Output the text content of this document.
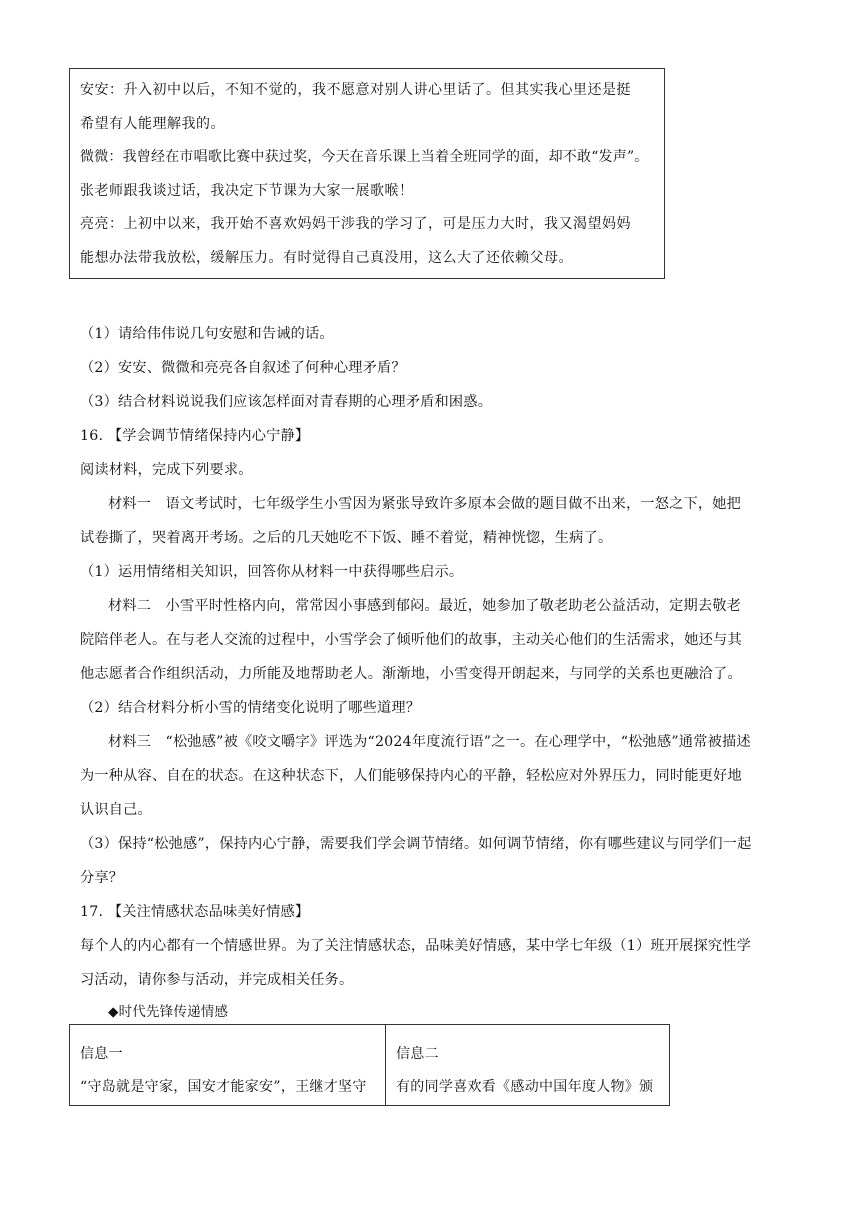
安安：升入初中以后，不知不觉的，我不愿意对别人讲心里话了。但其实我心里还是挺

希望有人能理解我的。

微微：我曾经在市唱歌比赛中获过奖，今天在音乐课上当着全班同学的面，却不敢“发声”。

张老师跟我谈过话，我决定下节课为大家一展歌喉！

亮亮：上初中以来，我开始不喜欢妈妈干涉我的学习了，可是压力大时，我又渴望妈妈

能想办法带我放松，缓解压力。有时觉得自己真没用，这么大了还依赖父母。

（1）请给伟伟说几句安慰和告诫的话。

（2）安安、微微和亮亮各自叙述了何种心理矛盾？

（3）结合材料说说我们应该怎样面对青春期的心理矛盾和困惑。

16. 【学会调节情绪保持内心宁静】

阅读材料，完成下列要求。

材料一　语文考试时，七年级学生小雪因为紧张导致许多原本会做的题目做不出来，一怒之下，她把

试卷撕了，哭着离开考场。之后的几天她吃不下饭、睡不着觉，精神恍惚，生病了。

（1）运用情绪相关知识，回答你从材料一中获得哪些启示。

材料二　小雪平时性格内向，常常因小事感到郁闷。最近，她参加了敬老助老公益活动，定期去敬老

院陪伴老人。在与老人交流的过程中，小雪学会了倾听他们的故事，主动关心他们的生活需求，她还与其

他志愿者合作组织活动，力所能及地帮助老人。渐渐地，小雪变得开朗起来，与同学的关系也更融洽了。

（2）结合材料分析小雪的情绪变化说明了哪些道理？

材料三　“松弛感”被《咬文嚼字》评选为“2024年度流行语”之一。在心理学中，“松弛感”通常被描述

为一种从容、自在的状态。在这种状态下，人们能够保持内心的平静，轻松应对外界压力，同时能更好地

认识自己。

（3）保持“松弛感”，保持内心宁静，需要我们学会调节情绪。如何调节情绪，你有哪些建议与同学们一起

分享？

17. 【关注情感状态品味美好情感】

每个人的内心都有一个情感世界。为了关注情感状态，品味美好情感，某中学七年级（1）班开展探究性学

习活动，请你参与活动，并完成相关任务。

◆时代先锋传递情感

信息一

“守岛就是守家，国安才能家安”，王继才坚守

信息二

有的同学喜欢看《感动中国年度人物》颁
